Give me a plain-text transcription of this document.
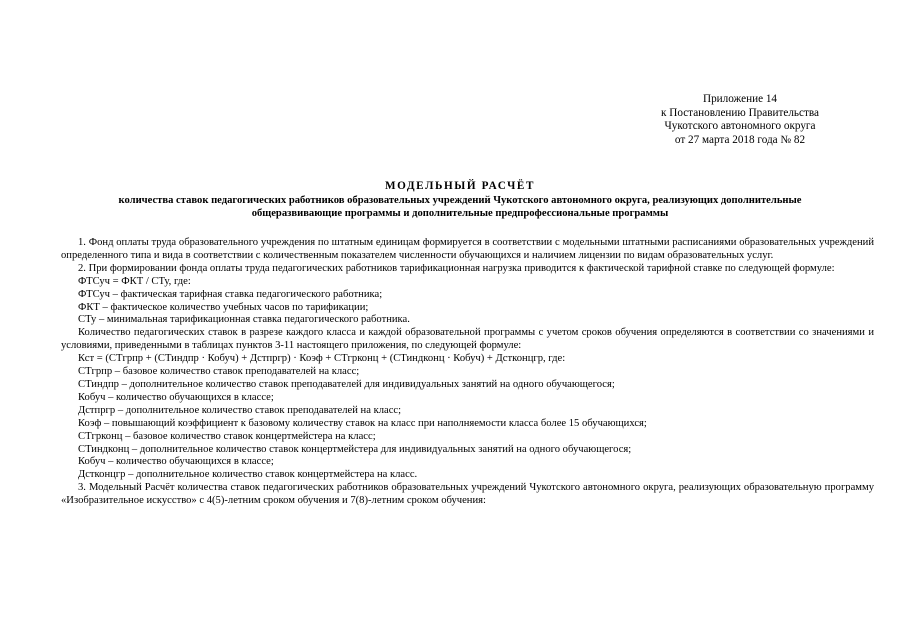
Приложение 14
к Постановлению Правительства
Чукотского автономного округа
от 27 марта 2018 года № 82
МОДЕЛЬНЫЙ РАСЧЁТ
количества ставок педагогических работников образовательных учреждений Чукотского автономного округа, реализующих дополнительные
общеразвивающие программы и дополнительные предпрофессиональные программы

1. Фонд оплаты труда образовательного учреждения по штатным единицам формируется в соответствии с модельными штатными расписаниями образовательных учреждений определенного типа и вида в соответствии с количественным показателем численности обучающихся и наличием лицензии по видам образовательных услуг.

2. При формировании фонда оплаты труда педагогических работников тарификационная нагрузка приводится к фактической тарифной ставке по следующей формуле:

ФТСуч = ФКТ / СТу, где:

ФТСуч – фактическая тарифная ставка педагогического работника;

ФКТ – фактическое количество учебных часов по тарификации;

СТу – минимальная тарификационная ставка педагогического работника.

Количество педагогических ставок в разрезе каждого класса и каждой образовательной программы с учетом сроков обучения определяются в соответствии со значениями и условиями, приведенными в таблицах пунктов 3-11 настоящего приложения, по следующей формуле:

Кст = (СТгрпр + (СТиндпр · Кобуч) + Дстпргр) · Коэф + СТгрконц + (СТиндконц · Кобуч) + Дстконцгр, где:

СТгрпр – базовое количество ставок преподавателей на класс;

СТиндпр – дополнительное количество ставок преподавателей для индивидуальных занятий на одного обучающегося;

Кобуч – количество обучающихся в классе;

Дстпргр – дополнительное количество ставок преподавателей на класс;

Коэф – повышающий коэффициент к базовому количеству ставок на класс при наполняемости класса более 15 обучающихся;

СТгрконц – базовое количество ставок концертмейстера на класс;

СТиндконц – дополнительное количество ставок концертмейстера для индивидуальных занятий на одного обучающегося;

Кобуч – количество обучающихся в классе;

Дстконцгр – дополнительное количество ставок концертмейстера на класс.

3. Модельный Расчёт количества ставок педагогических работников образовательных учреждений Чукотского автономного округа, реализующих образовательную программу «Изобразительное искусство» с 4(5)-летним сроком обучения и 7(8)-летним сроком обучения:
